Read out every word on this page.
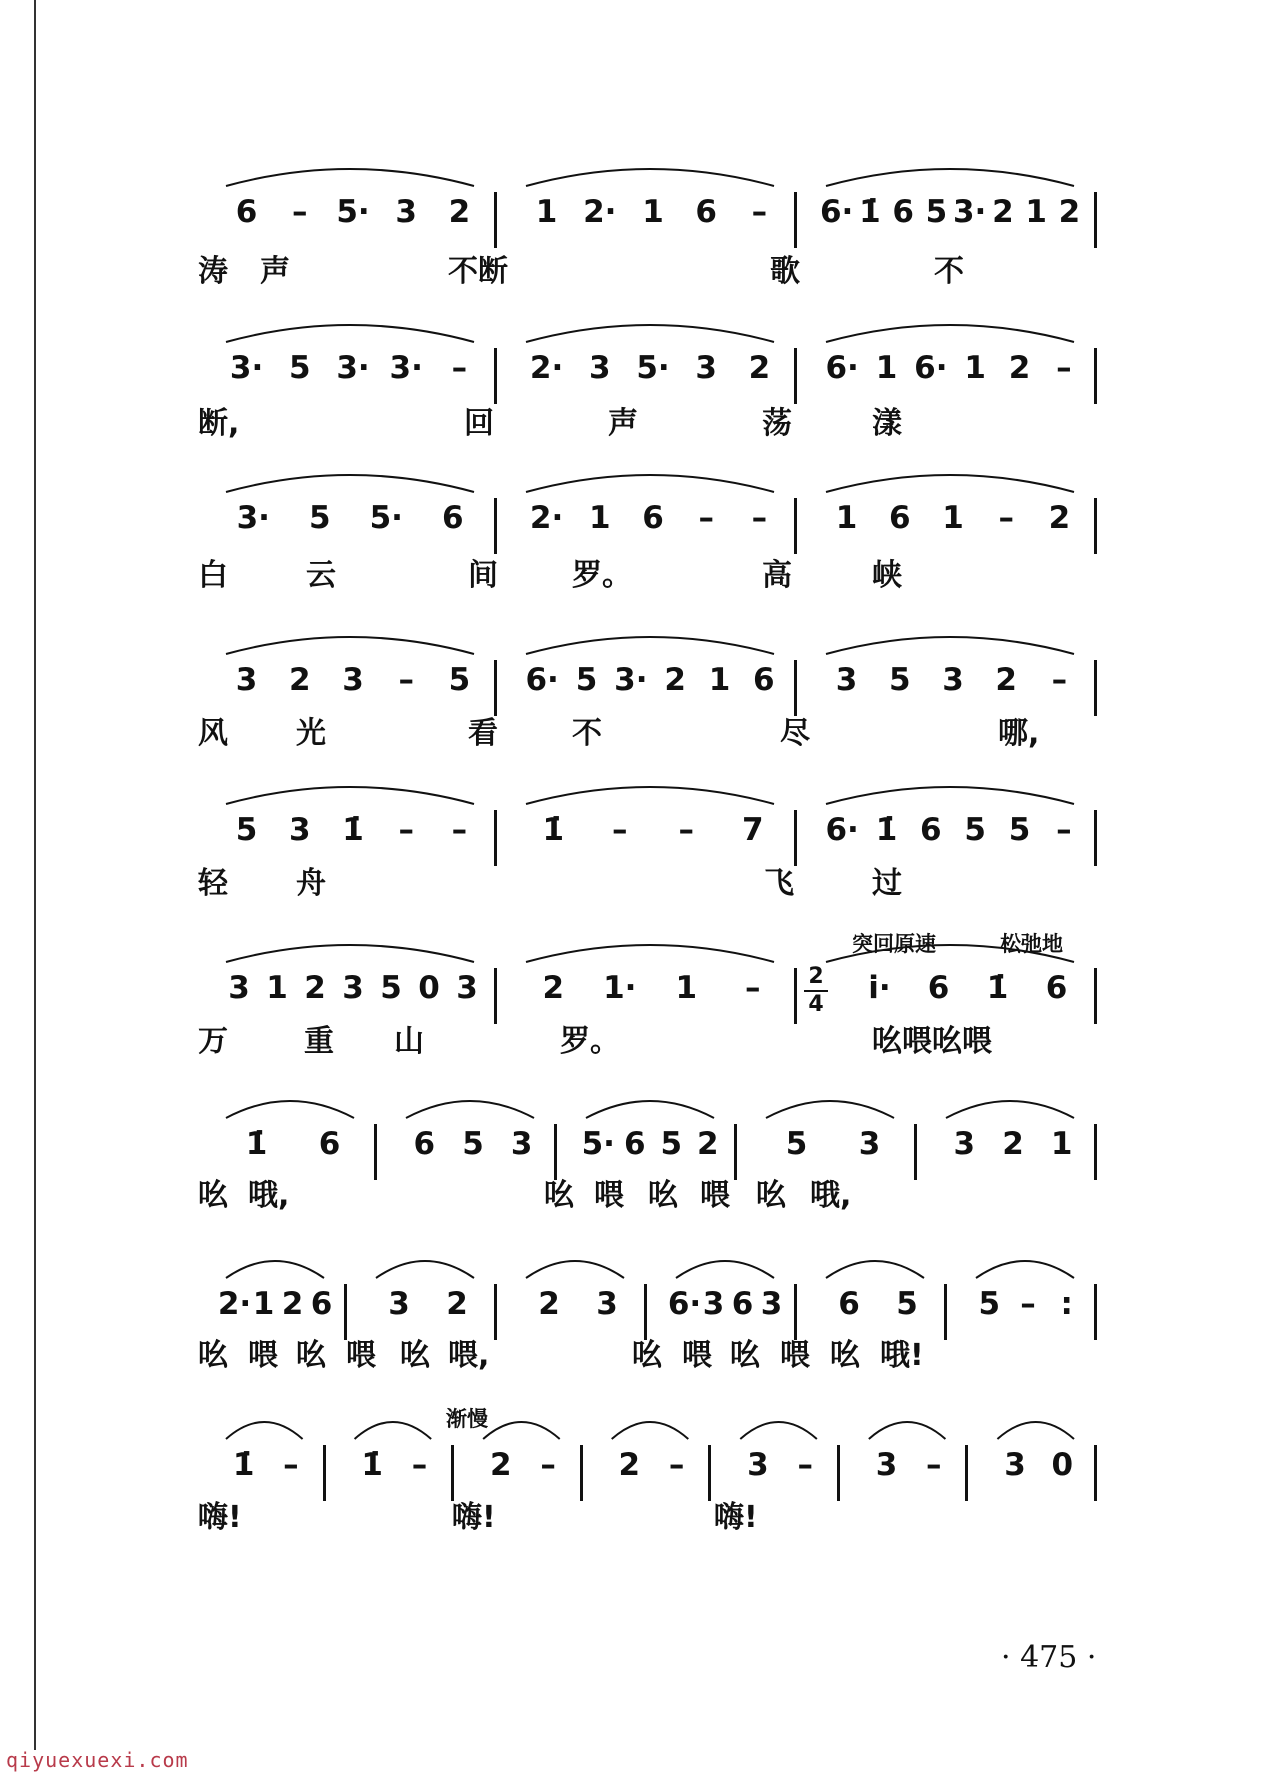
6 – 5· 3 2 1 2· 1 6 – 6· 1̇ 6 5 3· 2 1 2
涛 声	不断	歌	不
3· 5 3· 3· – 2· 3 5· 3 2 6· 1 6· 1 2 –
断,	回	声	荡	漾
3· 5 5· 6 2· 1 6 – – 1 6 1 – 2
白	云	间 罗。	高	峡
3 2 3 – 5 6· 5 3· 2 1 6 3 5 3 2 –
风 光	看 不	尽	哪,
5 3 1̇ – – 1̇ – – 7 6· 1̇ 6 5 5 –
轻 舟	飞	过
3 1 2 3 5 0 3 2 1· 1 – 2
4 i· 6 1̇ 6
万	重 山	罗。	吆喂吆喂
突回原速	松弛地
1̇ 6 6 5 3 5· 6 5 2 5 3 3 2 1
吆 哦,	吆 喂 吆 喂 吆 哦,
2· 1 2 6 3 2 2 3 6· 3 6 3 6 5 5 – :
吆 喂 吆 喂 吆 喂,	吆 喂 吆 喂 吆 哦!
1̇ – 1̇ – 2 – 2 – 3 – 3 – 3 0
嗨!	嗨!	嗨!
渐慢
· 475 ·
qiyuexuexi.com
